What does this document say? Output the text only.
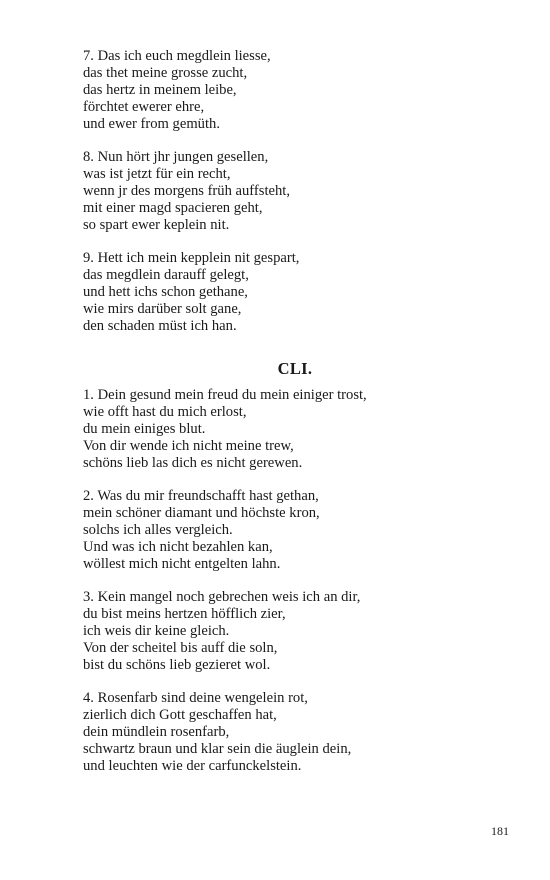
7. Das ich euch megdlein liesse,
das thet meine grosse zucht,
das hertz in meinem leibe,
förchtet ewerer ehre,
und ewer from gemüth.
8. Nun hört jhr jungen gesellen,
was ist jetzt für ein recht,
wenn jr des morgens früh auffsteht,
mit einer magd spacieren geht,
so spart ewer keplein nit.
9. Hett ich mein kepplein nit gespart,
das megdlein darauff gelegt,
und hett ichs schon gethane,
wie mirs darüber solt gane,
den schaden müst ich han.
CLI.
1. Dein gesund mein freud du mein einiger trost,
wie offt hast du mich erlost,
du mein einiges blut.
Von dir wende ich nicht meine trew,
schöns lieb las dich es nicht gerewen.
2. Was du mir freundschafft hast gethan,
mein schöner diamant und höchste kron,
solchs ich alles vergleich.
Und was ich nicht bezahlen kan,
wöllest mich nicht entgelten lahn.
3. Kein mangel noch gebrechen weis ich an dir,
du bist meins hertzen höfflich zier,
ich weis dir keine gleich.
Von der scheitel bis auff die soln,
bist du schöns lieb gezieret wol.
4. Rosenfarb sind deine wengelein rot,
zierlich dich Gott geschaffen hat,
dein mündlein rosenfarb,
schwartz braun und klar sein die äuglein dein,
und leuchten wie der carfunckelstein.
181
